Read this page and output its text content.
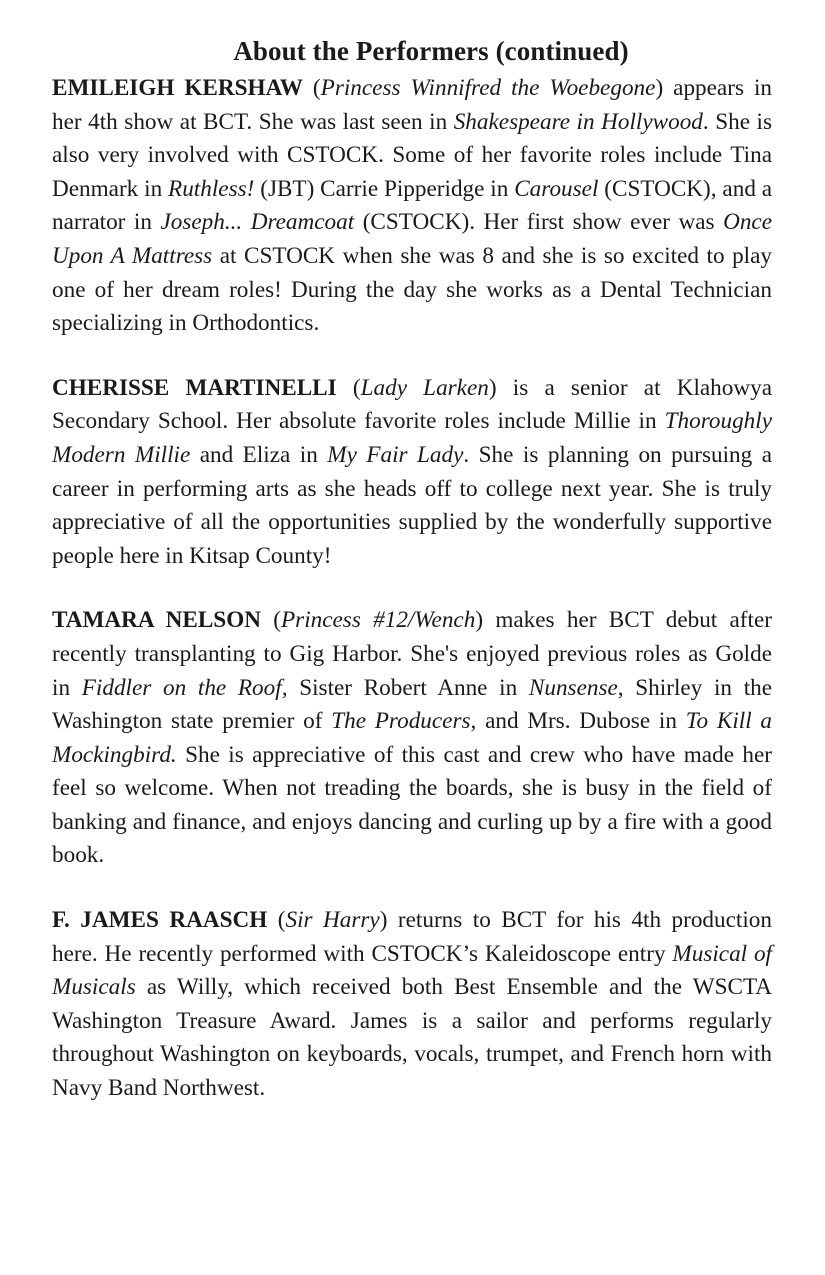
About the Performers (continued)

EMILEIGH KERSHAW (Princess Winnifred the Woebegone) appears in her 4th show at BCT. She was last seen in Shakespeare in Hollywood. She is also very involved with CSTOCK. Some of her favorite roles include Tina Denmark in Ruthless! (JBT) Carrie Pipperidge in Carousel (CSTOCK), and a narrator in Joseph... Dreamcoat (CSTOCK). Her first show ever was Once Upon A Mattress at CSTOCK when she was 8 and she is so excited to play one of her dream roles! During the day she works as a Dental Technician specializing in Orthodontics.

CHERISSE MARTINELLI (Lady Larken) is a senior at Klahowya Secondary School. Her absolute favorite roles include Millie in Thoroughly Modern Millie and Eliza in My Fair Lady. She is planning on pursuing a career in performing arts as she heads off to college next year. She is truly appreciative of all the opportunities supplied by the wonderfully supportive people here in Kitsap County!

TAMARA NELSON (Princess #12/Wench) makes her BCT debut after recently transplanting to Gig Harbor. She's enjoyed previous roles as Golde in Fiddler on the Roof, Sister Robert Anne in Nunsense, Shirley in the Washington state premier of The Producers, and Mrs. Dubose in To Kill a Mockingbird. She is appreciative of this cast and crew who have made her feel so welcome. When not treading the boards, she is busy in the field of banking and finance, and enjoys dancing and curling up by a fire with a good book.

F. JAMES RAASCH (Sir Harry) returns to BCT for his 4th production here. He recently performed with CSTOCK’s Kaleidoscope entry Musical of Musicals as Willy, which received both Best Ensemble and the WSCTA Washington Treasure Award. James is a sailor and performs regularly throughout Washington on keyboards, vocals, trumpet, and French horn with Navy Band Northwest.
